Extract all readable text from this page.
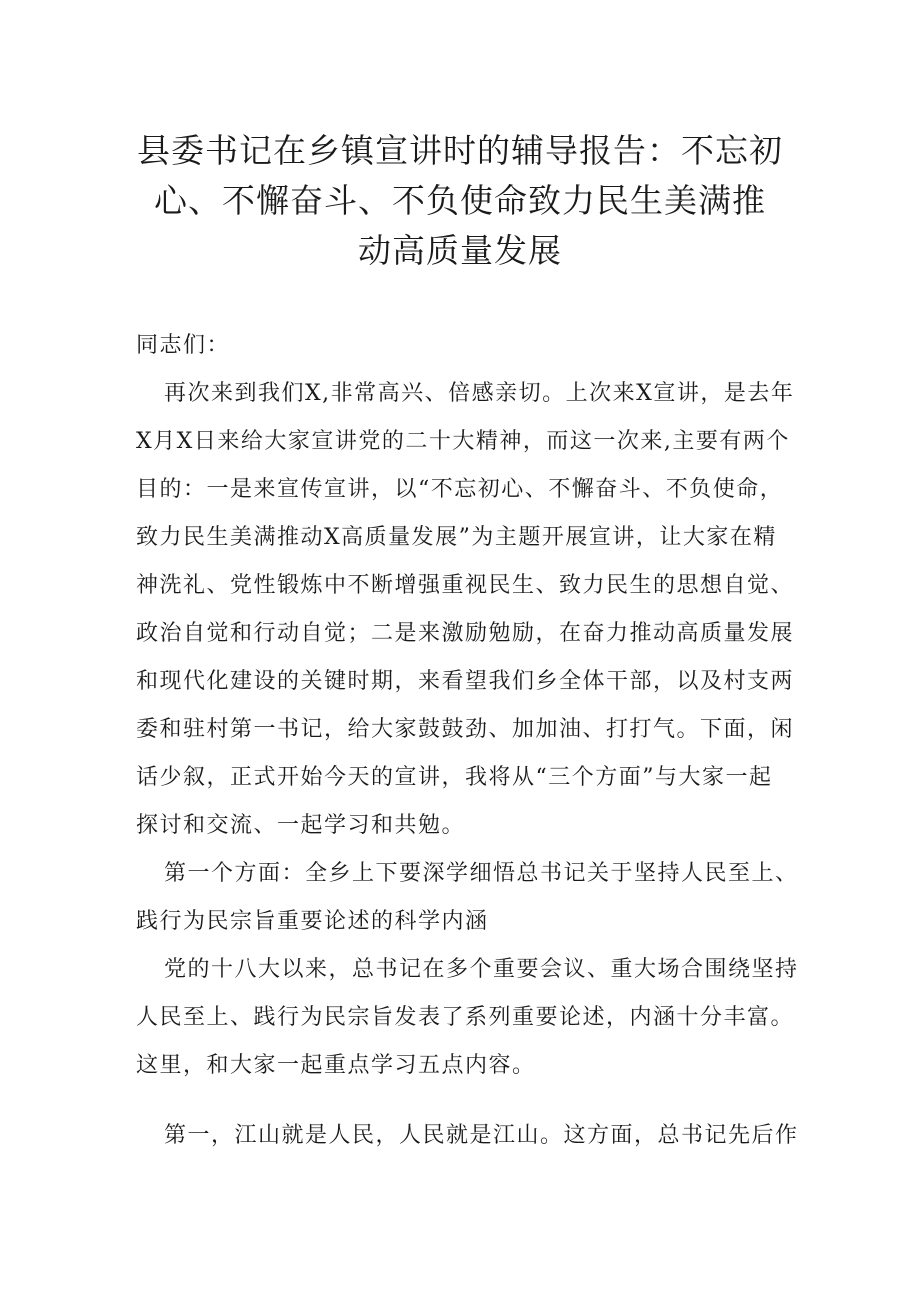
县委书记在乡镇宣讲时的辅导报告：不忘初
心、不懈奋斗、不负使命致力民生美满推
动高质量发展

同志们：

再次来到我们X,非常高兴、倍感亲切。上次来X宣讲，是去年

X月X日来给大家宣讲党的二十大精神，而这一次来,主要有两个

目的：一是来宣传宣讲，以“不忘初心、不懈奋斗、不负使命，

致力民生美满推动X高质量发展”为主题开展宣讲，让大家在精

神洗礼、党性锻炼中不断增强重视民生、致力民生的思想自觉、

政治自觉和行动自觉；二是来激励勉励，在奋力推动高质量发展

和现代化建设的关键时期，来看望我们乡全体干部，以及村支两

委和驻村第一书记，给大家鼓鼓劲、加加油、打打气。下面，闲

话少叙，正式开始今天的宣讲，我将从“三个方面”与大家一起

探讨和交流、一起学习和共勉。

第一个方面：全乡上下要深学细悟总书记关于坚持人民至上、

践行为民宗旨重要论述的科学内涵

党的十八大以来，总书记在多个重要会议、重大场合围绕坚持

人民至上、践行为民宗旨发表了系列重要论述，内涵十分丰富。

这里，和大家一起重点学习五点内容。

第一，江山就是人民，人民就是江山。这方面，总书记先后作
